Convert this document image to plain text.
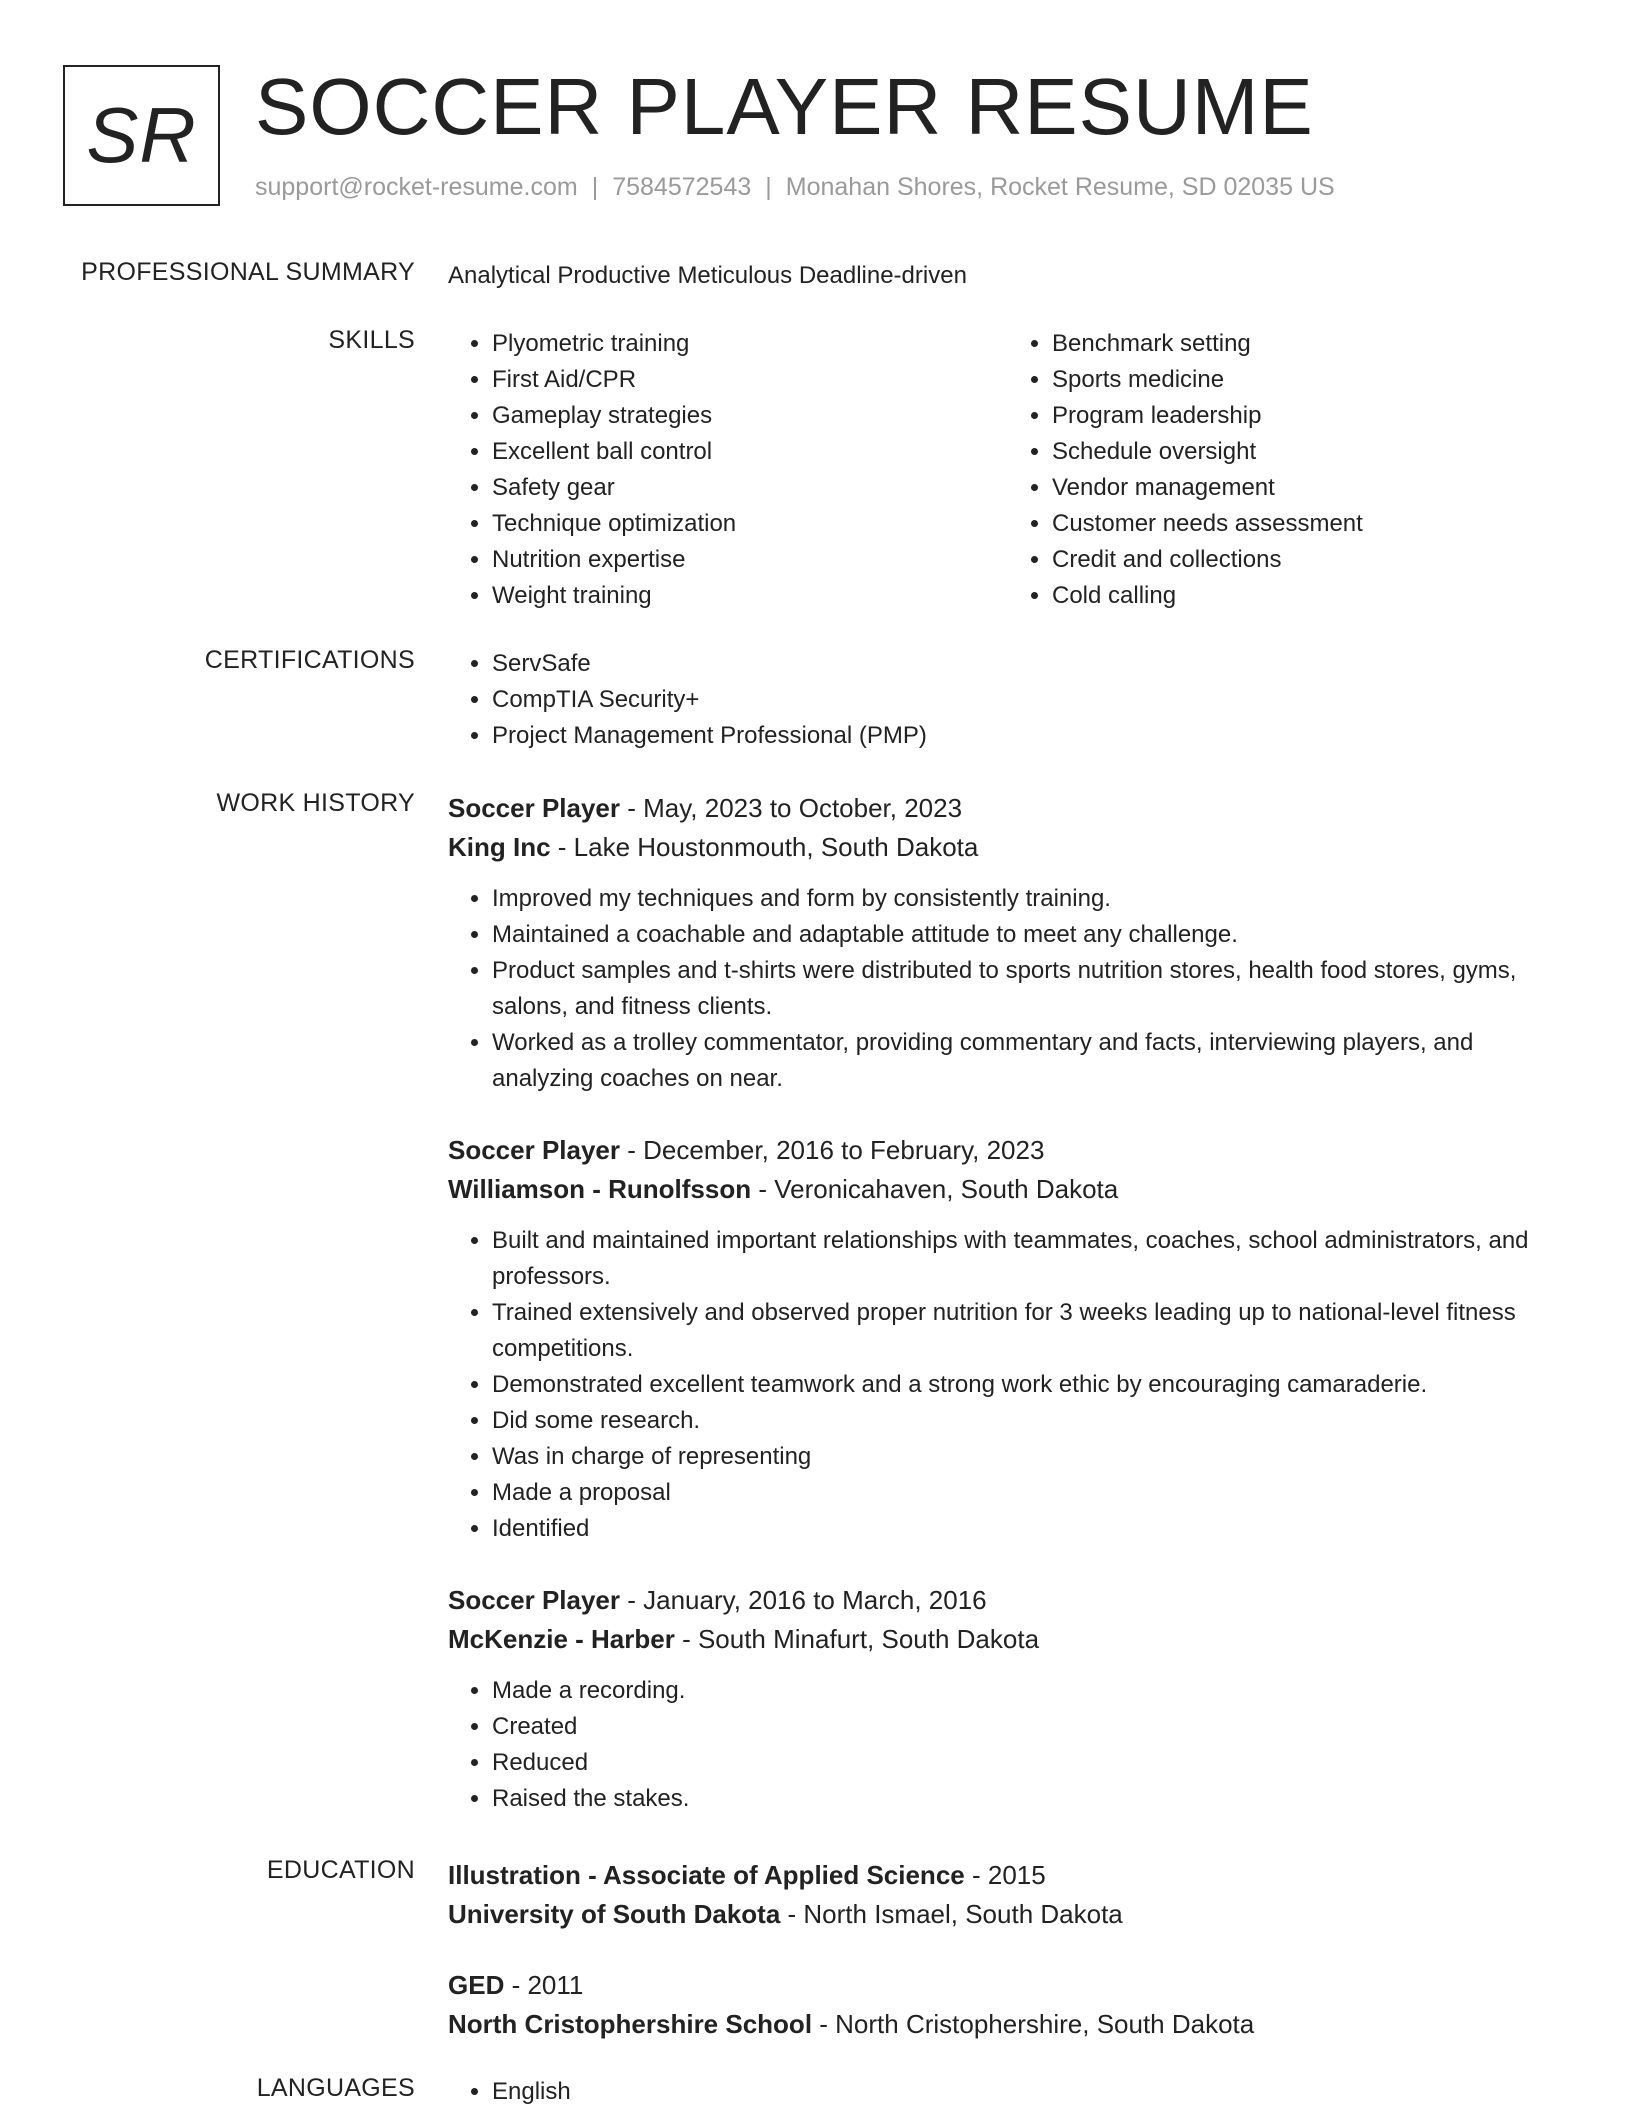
SR SOCCER PLAYER RESUME
support@rocket-resume.com | 7584572543 | Monahan Shores, Rocket Resume, SD 02035 US
PROFESSIONAL SUMMARY Analytical Productive Meticulous Deadline-driven
SKILLS	• Plyometric training
• First Aid/CPR
• Gameplay strategies
• Excellent ball control
• Safety gear
• Technique optimization
• Nutrition expertise
• Weight training
• Benchmark setting
• Sports medicine
• Program leadership
• Schedule oversight
• Vendor management
• Customer needs assessment
• Credit and collections
• Cold calling
CERTIFICATIONS	• ServSafe
• CompTIA Security+
• Project Management Professional (PMP)
WORK HISTORY Soccer Player - May, 2023 to October, 2023
King Inc - Lake Houstonmouth, South Dakota
• Improved my techniques and form by consistently training.
• Maintained a coachable and adaptable attitude to meet any challenge.
• Product samples and t-shirts were distributed to sports nutrition stores, health food stores, gyms, salons, and fitness clients.
• Worked as a trolley commentator, providing commentary and facts, interviewing players, and analyzing coaches on near.
Soccer Player - December, 2016 to February, 2023
Williamson - Runolfsson - Veronicahaven, South Dakota
• Built and maintained important relationships with teammates, coaches, school administrators, and professors.
• Trained extensively and observed proper nutrition for 3 weeks leading up to national-level fitness competitions.
• Demonstrated excellent teamwork and a strong work ethic by encouraging camaraderie.
• Did some research.
• Was in charge of representing
• Made a proposal
• Identified
Soccer Player - January, 2016 to March, 2016
McKenzie - Harber - South Minafurt, South Dakota
• Made a recording.
• Created
• Reduced
• Raised the stakes.
EDUCATION Illustration - Associate of Applied Science - 2015
University of South Dakota - North Ismael, South Dakota
GED - 2011
North Cristophershire School - North Cristophershire, South Dakota
LANGUAGES	• English
